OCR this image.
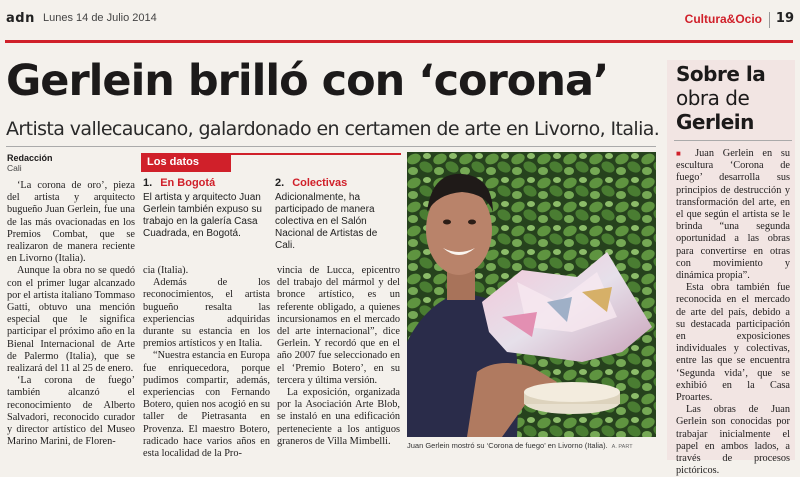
adn Lunes 14 de Julio 2014	Cultura&Ocio 19
Gerlein brilló con ‘corona’
Artista vallecaucano, galardonado en certamen de arte en Livorno, Italia.
Redacción
Cali

‘La corona de oro’, pieza del artista y arquitecto bugueño Juan Gerlein, fue una de las más ovacionadas en los Premios Combat, que se realizaron de manera reciente en Livorno (Italia).

Aunque la obra no se quedó con el primer lugar alcanzado por el artista italiano Tommaso Gatti, obtuvo una mención especial que le significa participar el próximo año en la Bienal Internacional de Arte de Palermo (Italia), que se realizará del 11 al 25 de enero.

‘La corona de fuego’ también alcanzó el reconocimiento de Alberto Salvadori, reconocido curador y director artístico del Museo Marino Marini, de Floren-

Los datos
1. En Bogotá
El artista y arquitecto Juan Gerlein también expuso su trabajo en la galería Casa Cuadrada, en Bogotá.
2. Colectivas
Adicionalmente, ha participado de manera colectiva en el Salón Nacional de Artistas de Cali.

cia (Italia).

Además de los reconocimientos, el artista bugueño resalta las experiencias adquiridas durante su estancia en los premios artísticos y en Italia.

“Nuestra estancia en Europa fue enriquecedora, porque pudimos compartir, además, experiencias con Fernando Botero, quien nos acogió en su taller de Pietrasanta en Provenza. El maestro Botero, radicado hace varios años en esta localidad de la Pro-

vincia de Lucca, epicentro del trabajo del mármol y del bronce artístico, es un referente obligado, a quienes incursionamos en el mercado del arte internacional”, dice Gerlein. Y recordó que en el año 2007 fue seleccionado en el ‘Premio Botero’, en su tercera y última versión.

La exposición, organizada por la Asociación Arte Blob, se instaló en una edificación perteneciente a los antiguos graneros de Villa Mimbelli.	Juan Gerlein mostró su ‘Corona de fuego’ en Livorno (Italia). A. PART
Sobre la
obra de
Gerlein

■ Juan Gerlein en su escultura ‘Corona de fuego’ desarrolla sus principios de destrucción y transformación del arte, en el que según el artista se le brinda “una segunda oportunidad a las obras para convertirse en otras con movimiento y dinámica propia”.

Esta obra también fue reconocida en el mercado de arte del país, debido a su destacada participación en exposiciones individuales y colectivas, entre las que se encuentra ‘Segunda vida’, que se exhibió en la Casa Proartes.

Las obras de Juan Gerlein son conocidas por trabajar inicialmente el papel en ambos lados, a través de procesos pictóricos.
